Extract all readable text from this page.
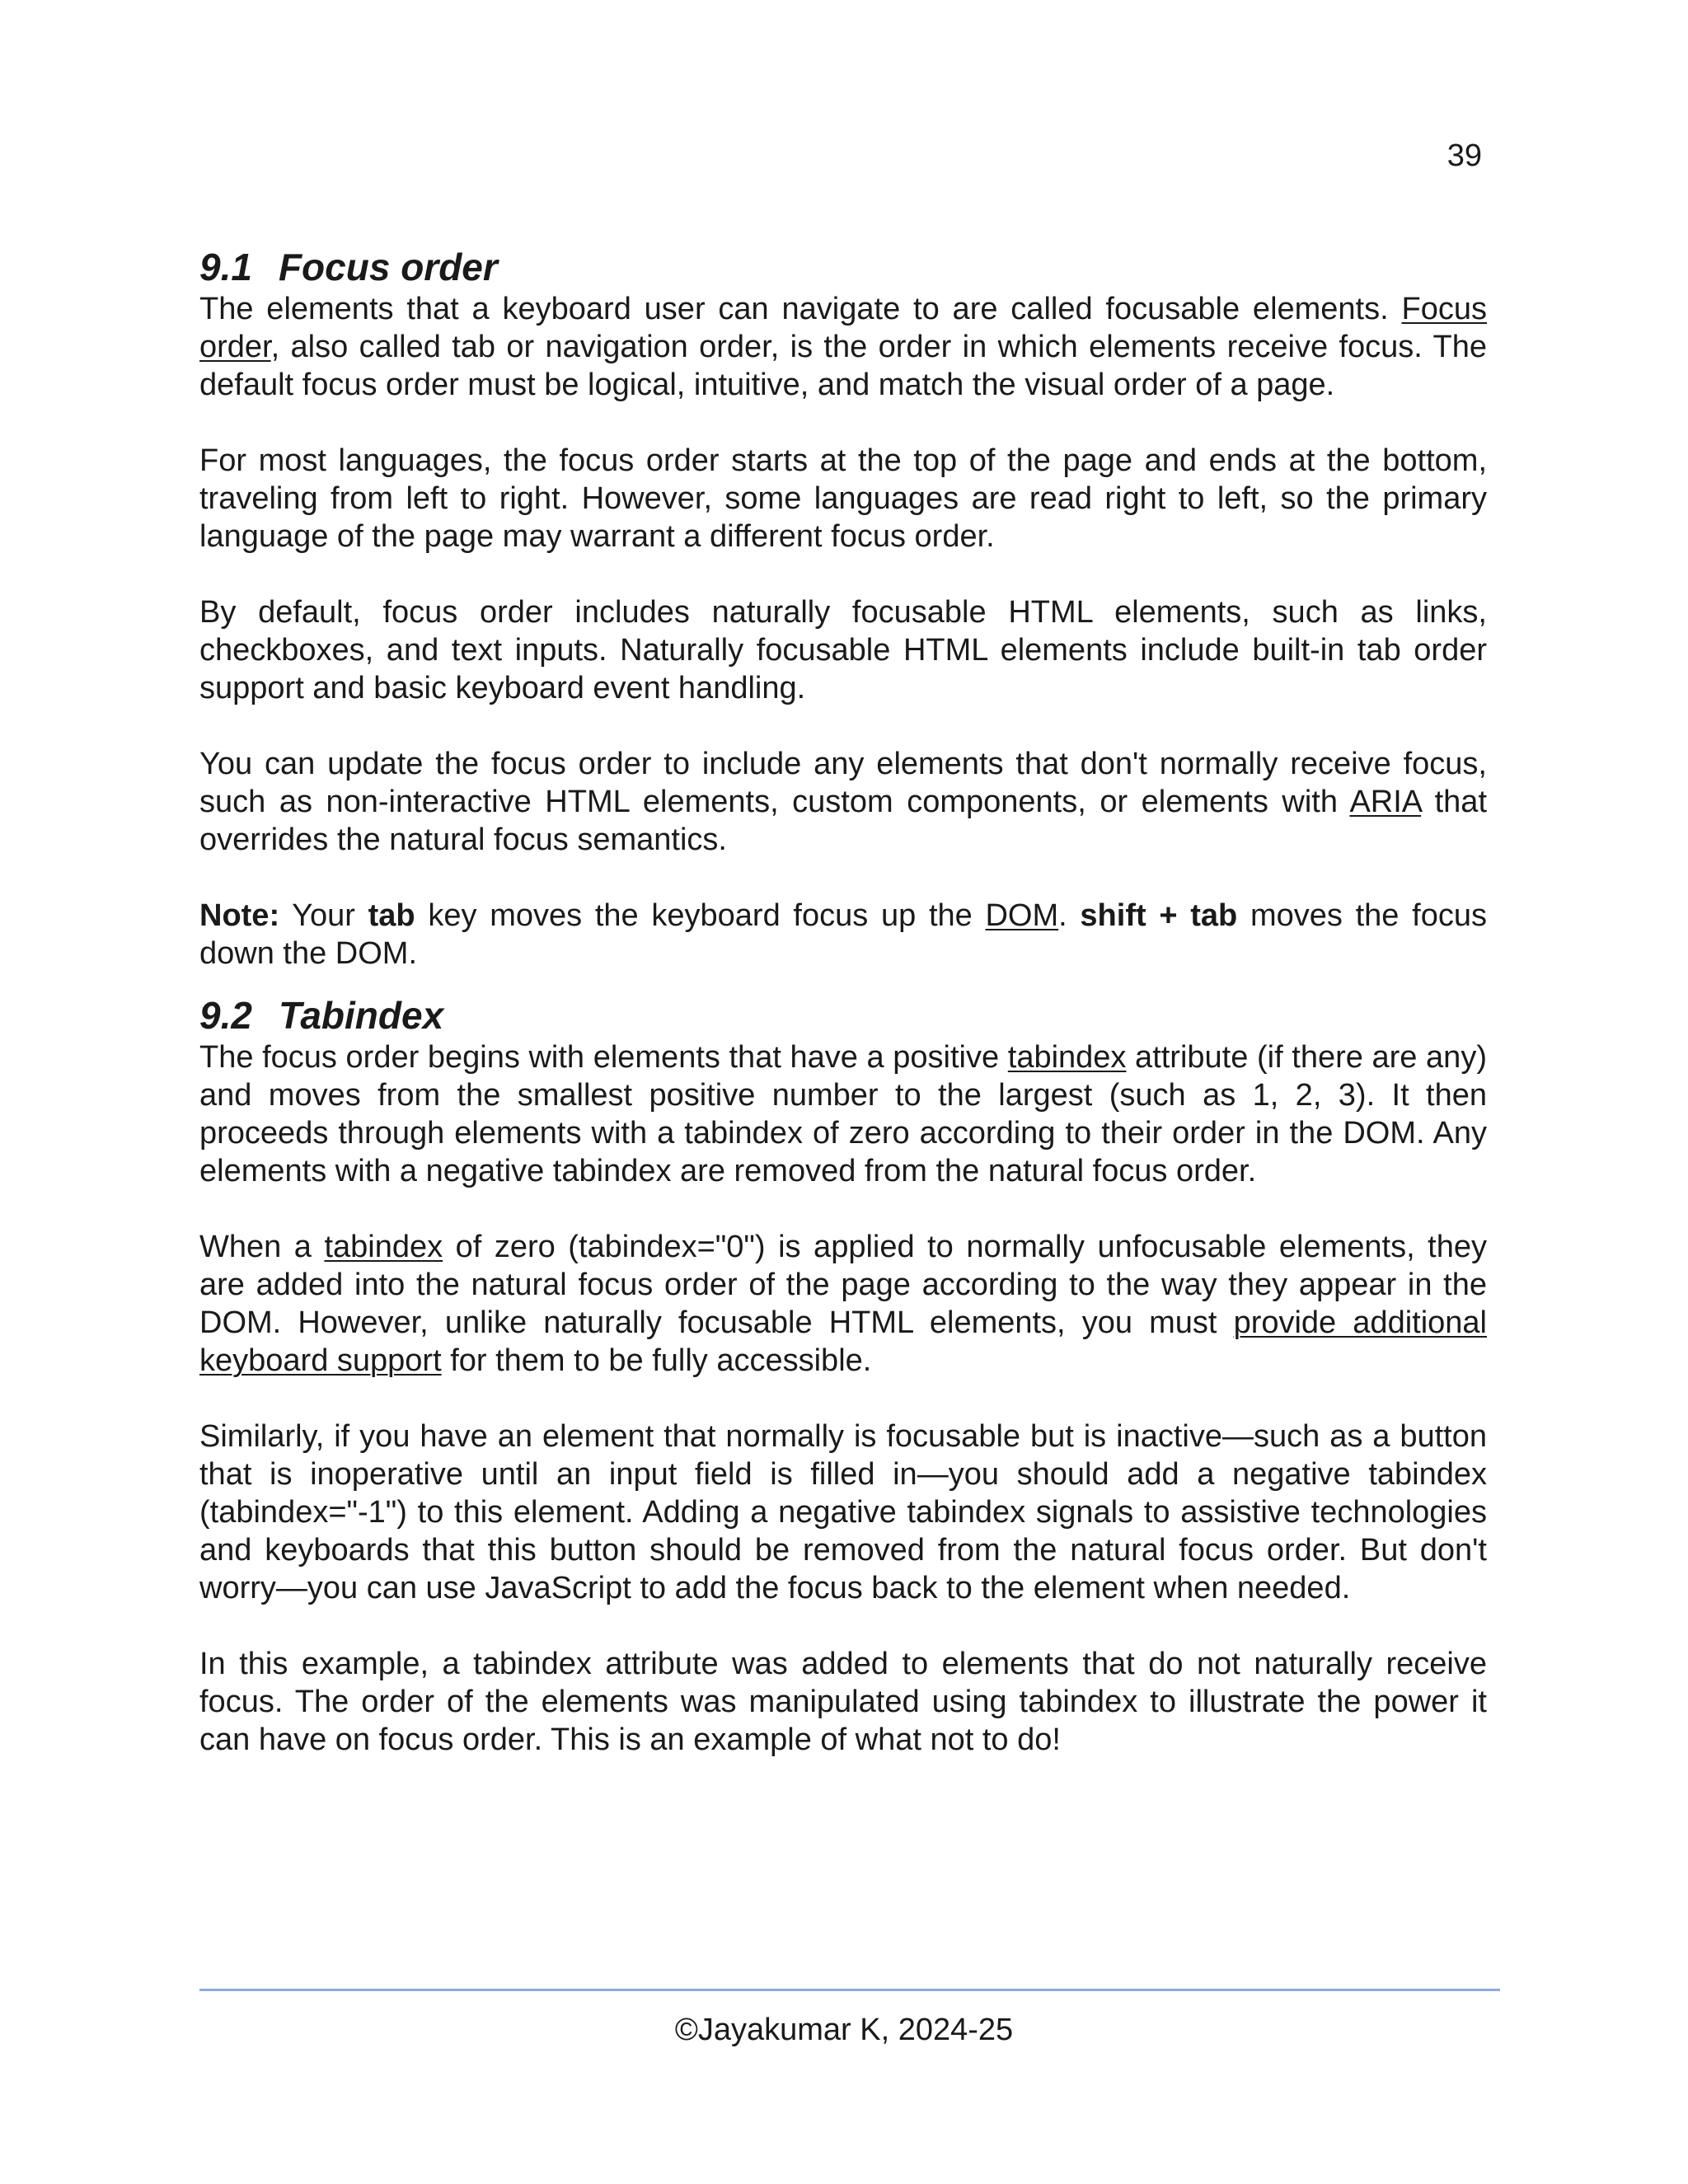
39
9.1 Focus order

The elements that a keyboard user can navigate to are called focusable elements. Focus order, also called tab or navigation order, is the order in which elements receive focus. The default focus order must be logical, intuitive, and match the visual order of a page.

For most languages, the focus order starts at the top of the page and ends at the bottom, traveling from left to right. However, some languages are read right to left, so the primary language of the page may warrant a different focus order.

By default, focus order includes naturally focusable HTML elements, such as links, checkboxes, and text inputs. Naturally focusable HTML elements include built-in tab order support and basic keyboard event handling.

You can update the focus order to include any elements that don't normally receive focus, such as non-interactive HTML elements, custom components, or elements with ARIA that overrides the natural focus semantics.

Note: Your tab key moves the keyboard focus up the DOM. shift + tab moves the focus down the DOM.

9.2 Tabindex

The focus order begins with elements that have a positive tabindex attribute (if there are any) and moves from the smallest positive number to the largest (such as 1, 2, 3). It then proceeds through elements with a tabindex of zero according to their order in the DOM. Any elements with a negative tabindex are removed from the natural focus order.

When a tabindex of zero (tabindex="0") is applied to normally unfocusable elements, they are added into the natural focus order of the page according to the way they appear in the DOM. However, unlike naturally focusable HTML elements, you must provide additional keyboard support for them to be fully accessible.

Similarly, if you have an element that normally is focusable but is inactive—such as a button that is inoperative until an input field is filled in—you should add a negative tabindex (tabindex="-1") to this element. Adding a negative tabindex signals to assistive technologies and keyboards that this button should be removed from the natural focus order. But don't worry—you can use JavaScript to add the focus back to the element when needed.

In this example, a tabindex attribute was added to elements that do not naturally receive focus. The order of the elements was manipulated using tabindex to illustrate the power it can have on focus order. This is an example of what not to do!

©Jayakumar K, 2024-25
